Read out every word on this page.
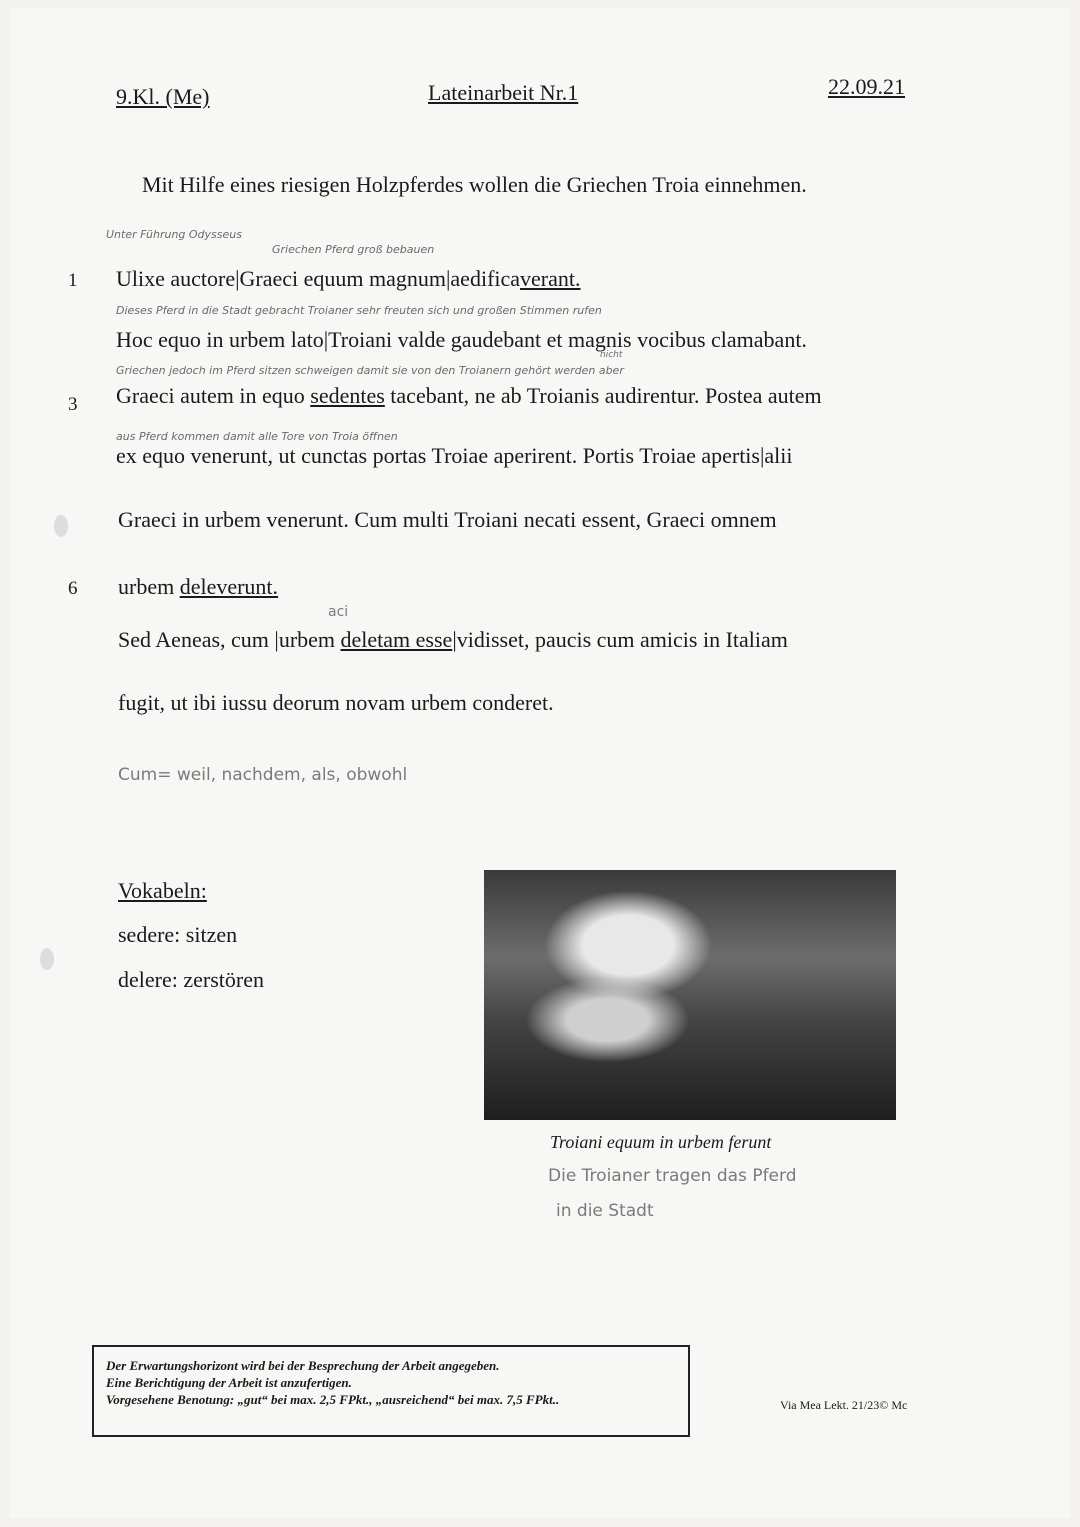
9.Kl. (Me)	Lateinarbeit Nr.1	22.09.21
Mit Hilfe eines riesigen Holzpferdes wollen die Griechen Troia einnehmen.
Unter Führung Odysseus
Griechen Pferd groß bebauen
1 Ulixe auctore|Graeci equum magnum|aedificaverant.
Dieses Pferd in die Stadt gebracht Troianer sehr freuten sich und großen Stimmen rufen
Hoc equo in urbem lato|Troiani valde gaudebant et magnis vocibus clamabant.
nicht
Griechen jedoch im Pferd sitzen schweigen damit sie von den Troianern gehört werden aber
3 Graeci autem in equo sedentes tacebant, ne ab Troianis audirentur. Postea autem
aus Pferd kommen damit alle Tore von Troia öffnen
ex equo venerunt, ut cunctas portas Troiae aperirent. Portis Troiae apertis|alii
Graeci in urbem venerunt. Cum multi Troiani necati essent, Graeci omnem
6 urbem deleverunt.
aci
Sed Aeneas, cum |urbem deletam esse|vidisset, paucis cum amicis in Italiam
fugit, ut ibi iussu deorum novam urbem conderet.
Cum= weil, nachdem, als, obwohl
Vokabeln:
sedere: sitzen
delere: zerstören
Troiani equum in urbem ferunt
Die Troianer tragen das Pferd
in die Stadt
Der Erwartungshorizont wird bei der Besprechung der Arbeit angegeben.
Eine Berichtigung der Arbeit ist anzufertigen.
Vorgesehene Benotung: „gut“ bei max. 2,5 FPkt., „ausreichend“ bei max. 7,5 FPkt..	Via Mea Lekt. 21/23© Mc
